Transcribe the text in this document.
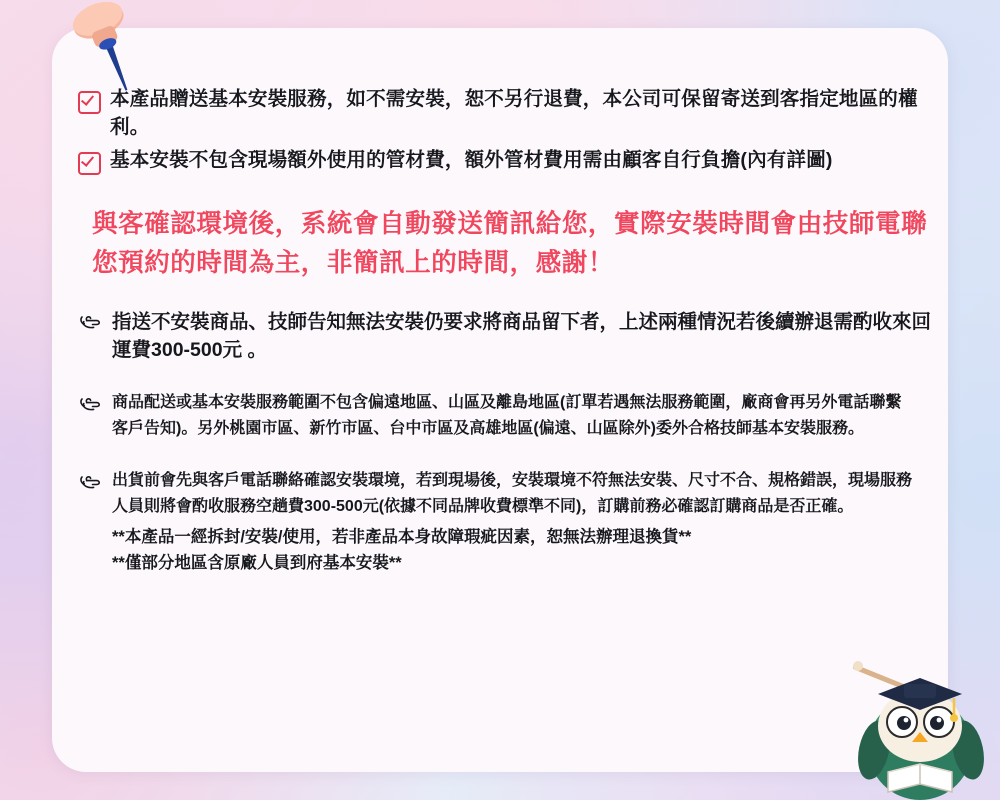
本產品贈送基本安裝服務，如不需安裝，恕不另行退費，本公司可保留寄送到客指定地區的權利。
基本安裝不包含現場額外使用的管材費，額外管材費用需由顧客自行負擔(內有詳圖)
與客確認環境後，系統會自動發送簡訊給您，實際安裝時間會由技師電聯您預約的時間為主，非簡訊上的時間，感謝！
指送不安裝商品、技師告知無法安裝仍要求將商品留下者，上述兩種情況若後續辦退需酌收來回運費300-500元 。
商品配送或基本安裝服務範圍不包含偏遠地區、山區及離島地區(訂單若遇無法服務範圍，廠商會再另外電話聯繫客戶告知)。另外桃園市區、新竹市區、台中市區及高雄地區(偏遠、山區除外)委外合格技師基本安裝服務。
出貨前會先與客戶電話聯絡確認安裝環境，若到現場後，安裝環境不符無法安裝、尺寸不合、規格錯誤，現場服務人員則將會酌收服務空趟費300-500元(依據不同品牌收費標準不同)，訂購前務必確認訂購商品是否正確。
**本產品一經拆封/安裝/使用，若非產品本身故障瑕疵因素，恕無法辦理退換貨**
**僅部分地區含原廠人員到府基本安裝**
